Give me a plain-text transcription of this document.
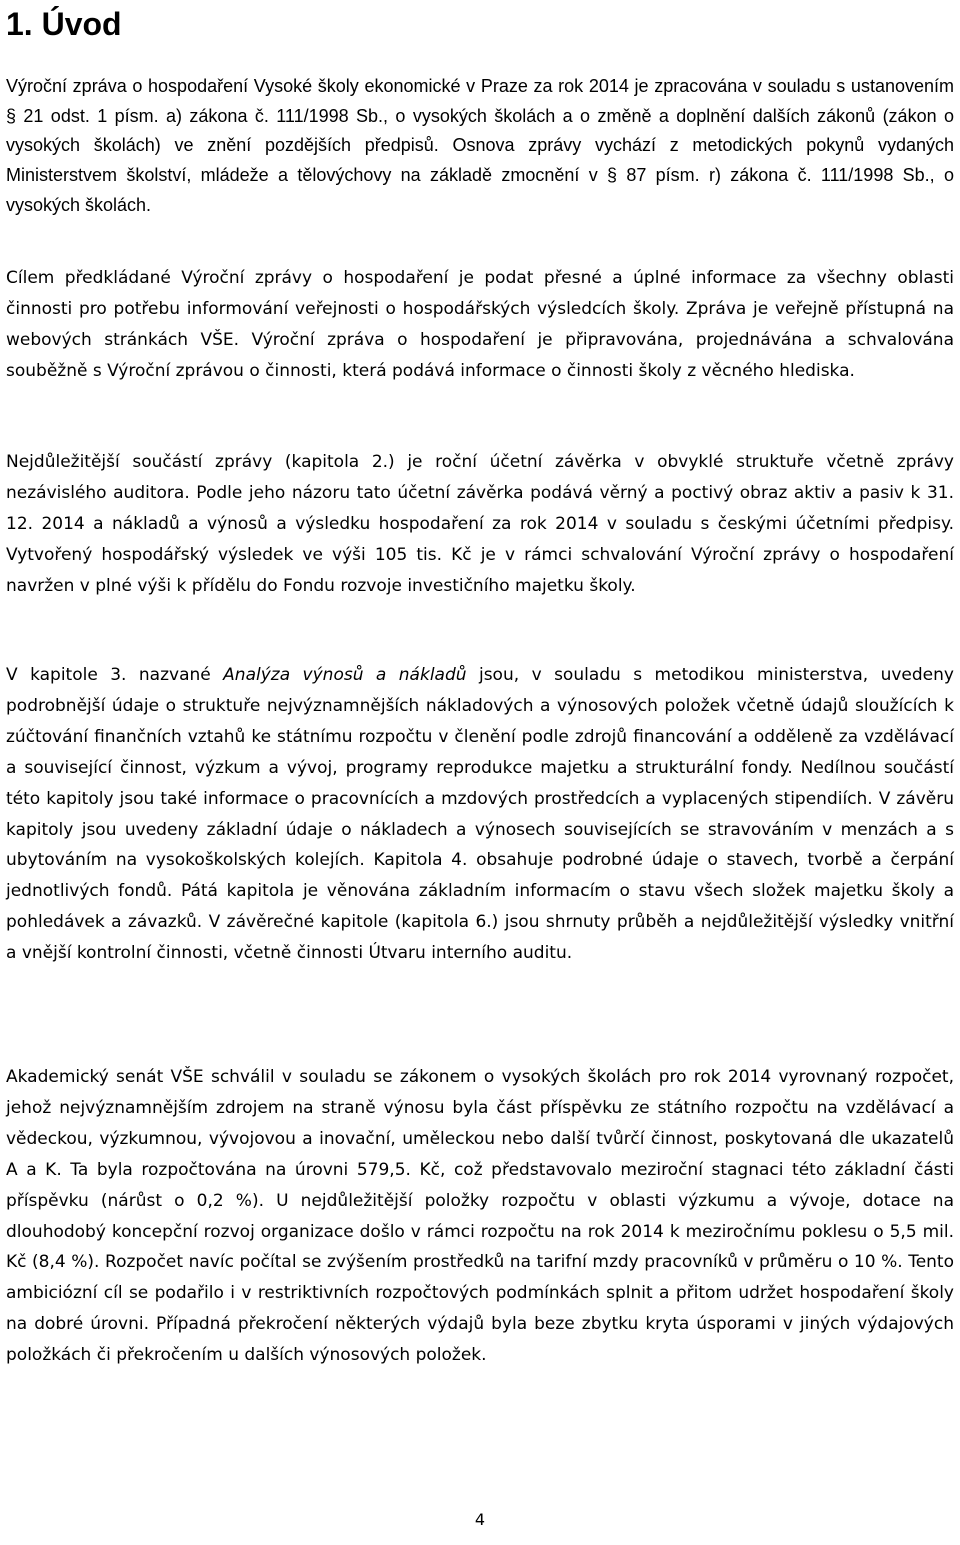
1. Úvod

Výroční zpráva o hospodaření Vysoké školy ekonomické v Praze za rok 2014 je zpracována v souladu s ustanovením § 21 odst. 1 písm. a) zákona č. 111/1998 Sb., o vysokých školách a o změně a doplnění dalších zákonů (zákon o vysokých školách) ve znění pozdějších předpisů. Osnova zprávy vychází z metodických pokynů vydaných Ministerstvem školství, mládeže a tělovýchovy na základě zmocnění v § 87 písm. r) zákona č. 111/1998 Sb., o vysokých školách.

Cílem předkládané Výroční zprávy o hospodaření je podat přesné a úplné informace za všechny oblasti činnosti pro potřebu informování veřejnosti o hospodářských výsledcích školy. Zpráva je veřejně přístupná na webových stránkách VŠE. Výroční zpráva o hospodaření je připravována, projednávána a schvalována souběžně s Výroční zprávou o činnosti, která podává informace o činnosti školy z věcného hlediska.

Nejdůležitější součástí zprávy (kapitola 2.) je roční účetní závěrka v obvyklé struktuře včetně zprávy nezávislého auditora. Podle jeho názoru tato účetní závěrka podává věrný a poctivý obraz aktiv a pasiv k 31. 12. 2014 a nákladů a výnosů a výsledku hospodaření za rok 2014 v souladu s českými účetními předpisy. Vytvořený hospodářský výsledek ve výši 105 tis. Kč je v rámci schvalování Výroční zprávy o hospodaření navržen v plné výši k přídělu do Fondu rozvoje investičního majetku školy.

V kapitole 3. nazvané Analýza výnosů a nákladů jsou, v souladu s metodikou ministerstva, uvedeny podrobnější údaje o struktuře nejvýznamnějších nákladových a výnosových položek včetně údajů sloužících k zúčtování finančních vztahů ke státnímu rozpočtu v členění podle zdrojů financování a odděleně za vzdělávací a související činnost, výzkum a vývoj, programy reprodukce majetku a strukturální fondy. Nedílnou součástí této kapitoly jsou také informace o pracovnících a mzdových prostředcích a vyplacených stipendiích. V závěru kapitoly jsou uvedeny základní údaje o nákladech a výnosech souvisejících se stravováním v menzách a s ubytováním na vysokoškolských kolejích. Kapitola 4. obsahuje podrobné údaje o stavech, tvorbě a čerpání jednotlivých fondů. Pátá kapitola je věnována základním informacím o stavu všech složek majetku školy a pohledávek a závazků. V závěrečné kapitole (kapitola 6.) jsou shrnuty průběh a nejdůležitější výsledky vnitřní a vnější kontrolní činnosti, včetně činnosti Útvaru interního auditu.

Akademický senát VŠE schválil v souladu se zákonem o vysokých školách pro rok 2014 vyrovnaný rozpočet, jehož nejvýznamnějším zdrojem na straně výnosu byla část příspěvku ze státního rozpočtu na vzdělávací a vědeckou, výzkumnou, vývojovou a inovační, uměleckou nebo další tvůrčí činnost, poskytovaná dle ukazatelů A a K. Ta byla rozpočtována na úrovni 579,5. Kč, což představovalo meziroční stagnaci této základní části příspěvku (nárůst o 0,2 %). U nejdůležitější položky rozpočtu v oblasti výzkumu a vývoje, dotace na dlouhodobý koncepční rozvoj organizace došlo v rámci rozpočtu na rok 2014 k meziročnímu poklesu o 5,5 mil. Kč (8,4 %). Rozpočet navíc počítal se zvýšením prostředků na tarifní mzdy pracovníků v průměru o 10 %. Tento ambiciózní cíl se podařilo i v restriktivních rozpočtových podmínkách splnit a přitom udržet hospodaření školy na dobré úrovni. Případná překročení některých výdajů byla beze zbytku kryta úsporami v jiných výdajových položkách či překročením u dalších výnosových položek.

4
